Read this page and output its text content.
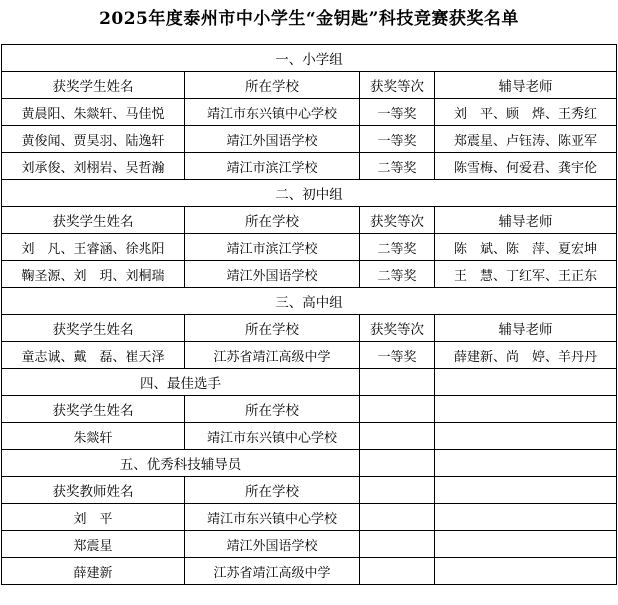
2025年度泰州市中小学生“金钥匙”科技竞赛获奖名单
一、小学组			
获奖学生姓名	所在学校	获奖等次	辅导老师
黄晨阳、朱燚轩、马佳悦	靖江市东兴镇中心学校	一等奖	刘　平、顾　烨、王秀红
黄俊闻、贾昊羽、陆逸轩	靖江外国语学校	一等奖	郑震星、卢钰涛、陈亚军
刘承俊、刘栩岩、吴哲瀚	靖江市滨江学校	二等奖	陈雪梅、何爱君、龚宇伦
二、初中组			
获奖学生姓名	所在学校	获奖等次	辅导老师
刘　凡、王睿涵、徐兆阳	靖江市滨江学校	二等奖	陈　斌、陈　萍、夏宏坤
鞠圣源、刘　玥、刘桐瑞	靖江外国语学校	二等奖	王　慧、丁红军、王正东
三、高中组			
获奖学生姓名	所在学校	获奖等次	辅导老师
童志诚、戴　磊、崔天泽	江苏省靖江高级中学	一等奖	薛建新、尚　婷、羊丹丹
四、最佳选手			
获奖学生姓名	所在学校		
朱燚轩	靖江市东兴镇中心学校		
五、优秀科技辅导员			
获奖教师姓名	所在学校		
刘　平	靖江市东兴镇中心学校		
郑震星	靖江外国语学校		
薛建新	江苏省靖江高级中学		
